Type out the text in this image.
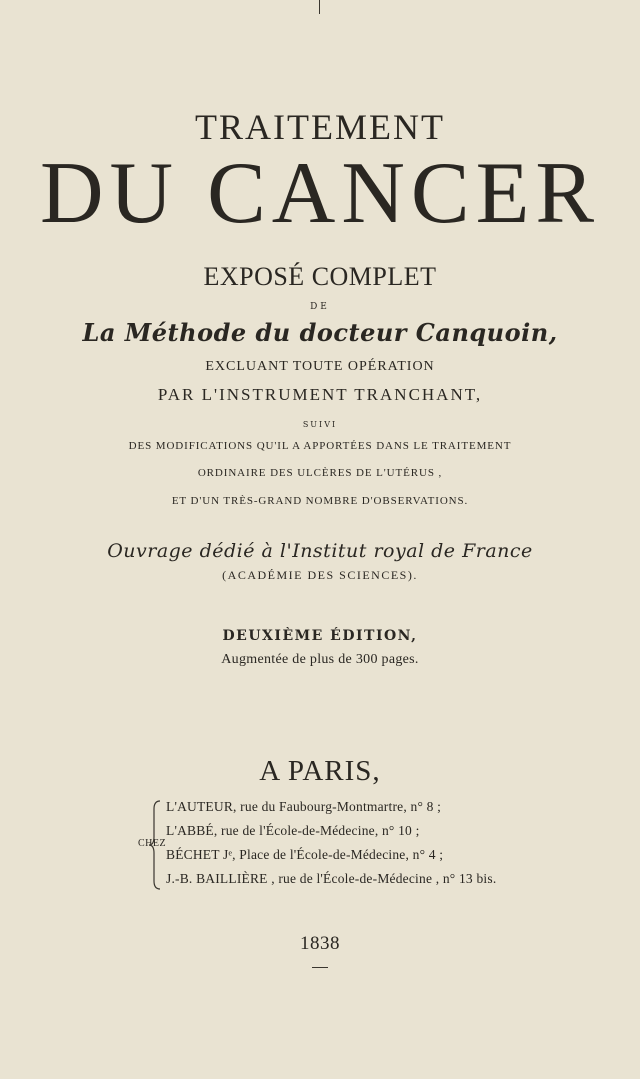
TRAITEMENT
DU CANCER
EXPOSÉ COMPLET
DE
La Méthode du docteur Canquoin,
EXCLUANT TOUTE OPÉRATION
PAR L'INSTRUMENT TRANCHANT,
SUIVI
DES MODIFICATIONS QU'IL A APPORTÉES DANS LE TRAITEMENT
ORDINAIRE DES ULCÈRES DE L'UTÉRUS ,
ET D'UN TRÈS-GRAND NOMBRE D'OBSERVATIONS.
Ouvrage dédié à l'Institut royal de France
(ACADÉMIE DES SCIENCES).
DEUXIÈME ÉDITION,
Augmentée de plus de 300 pages.
A PARIS,
CHEZ
L'AUTEUR, rue du Faubourg-Montmartre, n° 8 ;
L'ABBÉ, rue de l'École-de-Médecine, n° 10 ;
BÉCHET Jᵉ, Place de l'École-de-Médecine, n° 4 ;
J.-B. BAILLIÈRE , rue de l'École-de-Médecine , n° 13 bis.
1838
